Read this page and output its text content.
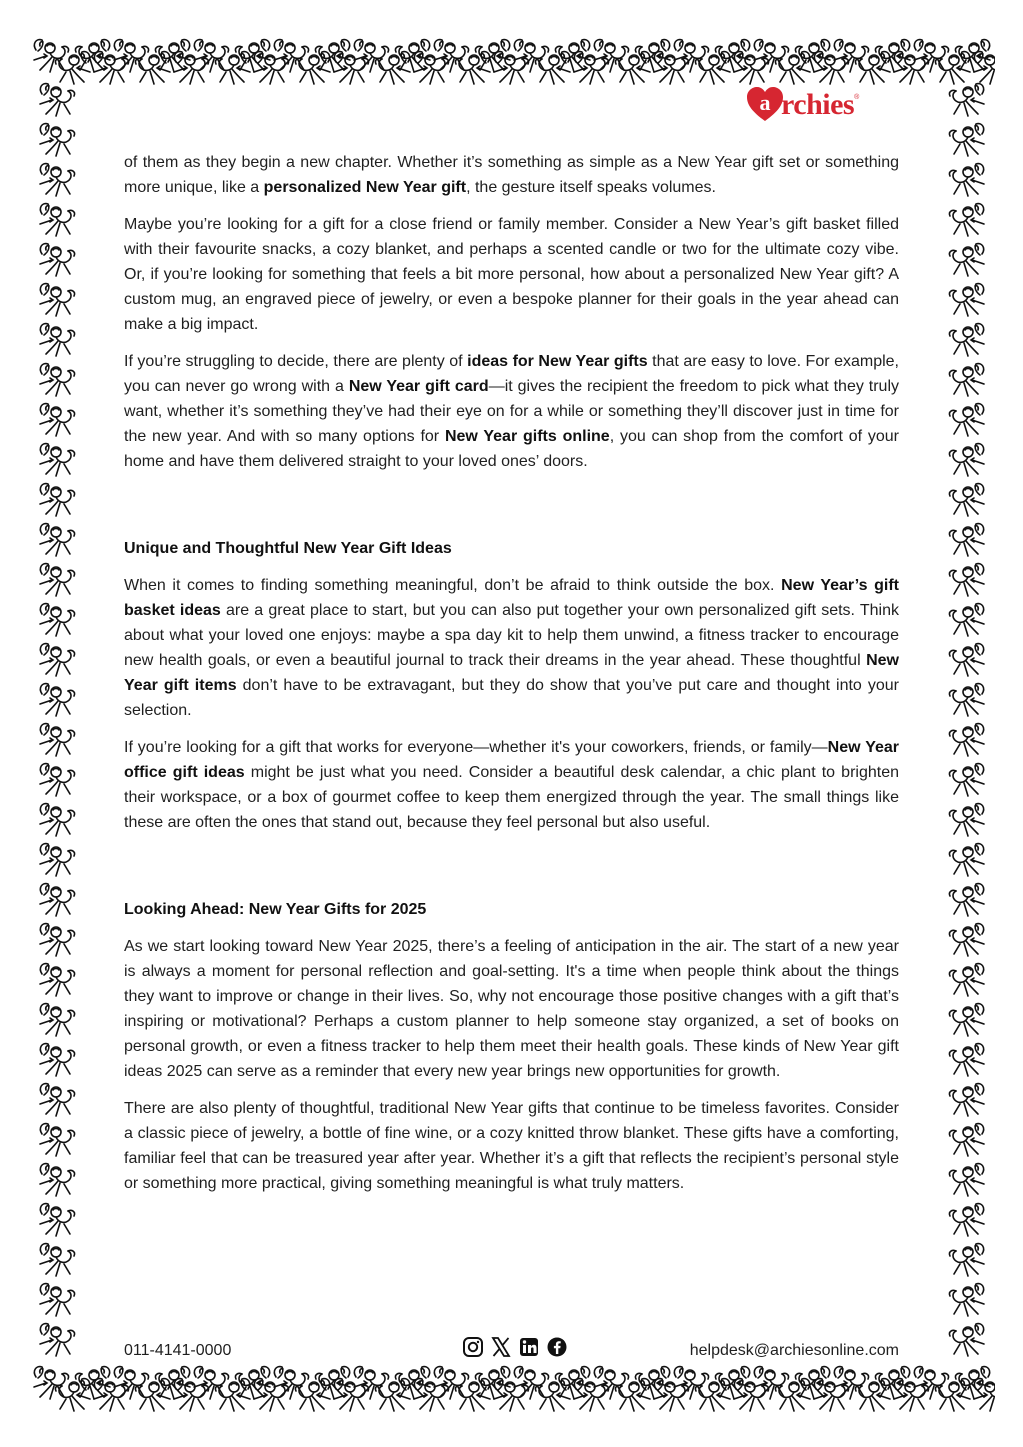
a rchies ®

of them as they begin a new chapter. Whether it’s something as simple as a New Year gift set or something more unique, like a personalized New Year gift, the gesture itself speaks volumes.

Maybe you’re looking for a gift for a close friend or family member. Consider a New Year’s gift basket filled with their favourite snacks, a cozy blanket, and perhaps a scented candle or two for the ultimate cozy vibe. Or, if you’re looking for something that feels a bit more personal, how about a personalized New Year gift? A custom mug, an engraved piece of jewelry, or even a bespoke planner for their goals in the year ahead can make a big impact.

If you’re struggling to decide, there are plenty of ideas for New Year gifts that are easy to love. For example, you can never go wrong with a New Year gift card—it gives the recipient the freedom to pick what they truly want, whether it’s something they’ve had their eye on for a while or something they’ll discover just in time for the new year. And with so many options for New Year gifts online, you can shop from the comfort of your home and have them delivered straight to your loved ones’ doors.

Unique and Thoughtful New Year Gift Ideas

When it comes to finding something meaningful, don’t be afraid to think outside the box. New Year’s gift basket ideas are a great place to start, but you can also put together your own personalized gift sets. Think about what your loved one enjoys: maybe a spa day kit to help them unwind, a fitness tracker to encourage new health goals, or even a beautiful journal to track their dreams in the year ahead. These thoughtful New Year gift items don’t have to be extravagant, but they do show that you’ve put care and thought into your selection.

If you’re looking for a gift that works for everyone—whether it's your coworkers, friends, or family—New Year office gift ideas might be just what you need. Consider a beautiful desk calendar, a chic plant to brighten their workspace, or a box of gourmet coffee to keep them energized through the year. The small things like these are often the ones that stand out, because they feel personal but also useful.

Looking Ahead: New Year Gifts for 2025

As we start looking toward New Year 2025, there’s a feeling of anticipation in the air. The start of a new year is always a moment for personal reflection and goal-setting. It's a time when people think about the things they want to improve or change in their lives. So, why not encourage those positive changes with a gift that’s inspiring or motivational? Perhaps a custom planner to help someone stay organized, a set of books on personal growth, or even a fitness tracker to help them meet their health goals. These kinds of New Year gift ideas 2025 can serve as a reminder that every new year brings new opportunities for growth.

There are also plenty of thoughtful, traditional New Year gifts that continue to be timeless favorites. Consider a classic piece of jewelry, a bottle of fine wine, or a cozy knitted throw blanket. These gifts have a comforting, familiar feel that can be treasured year after year. Whether it’s a gift that reflects the recipient’s personal style or something more practical, giving something meaningful is what truly matters.

011-4141-0000	helpdesk@archiesonline.com
